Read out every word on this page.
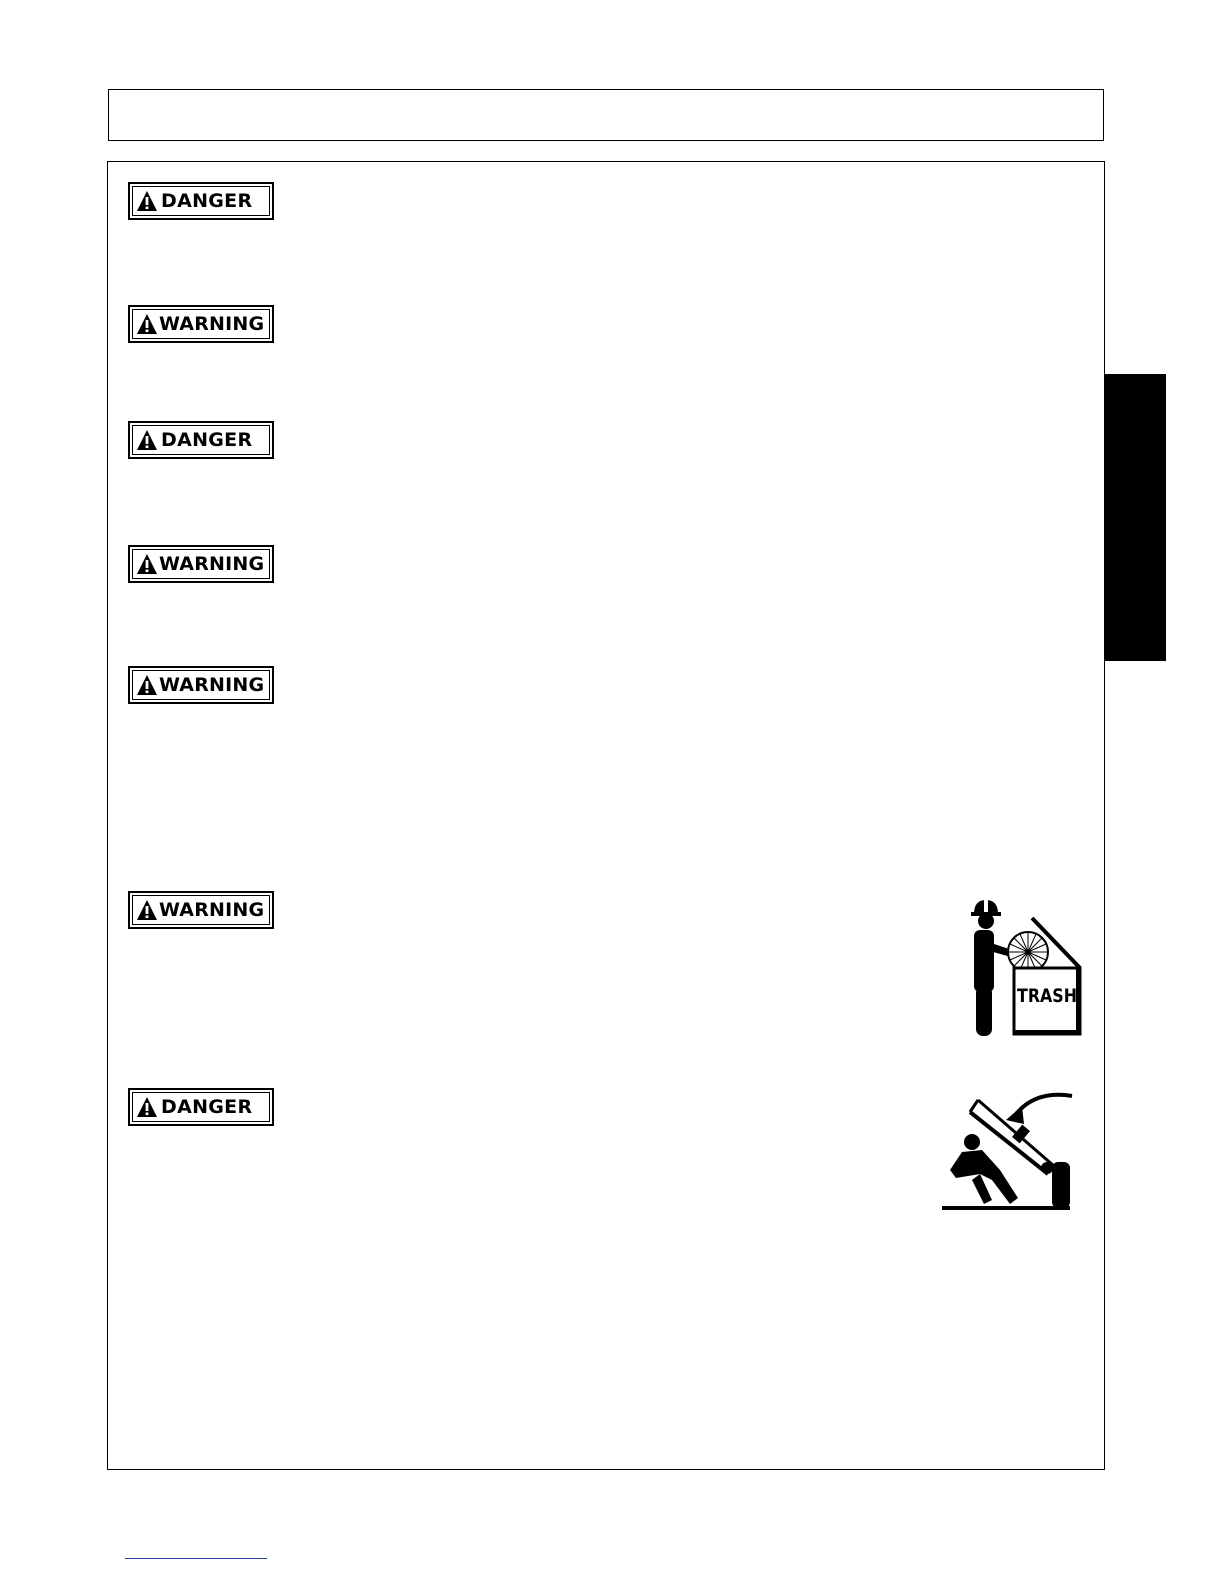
DANGER
WARNING
DANGER
WARNING
WARNING
WARNING
DANGER
TRASH
